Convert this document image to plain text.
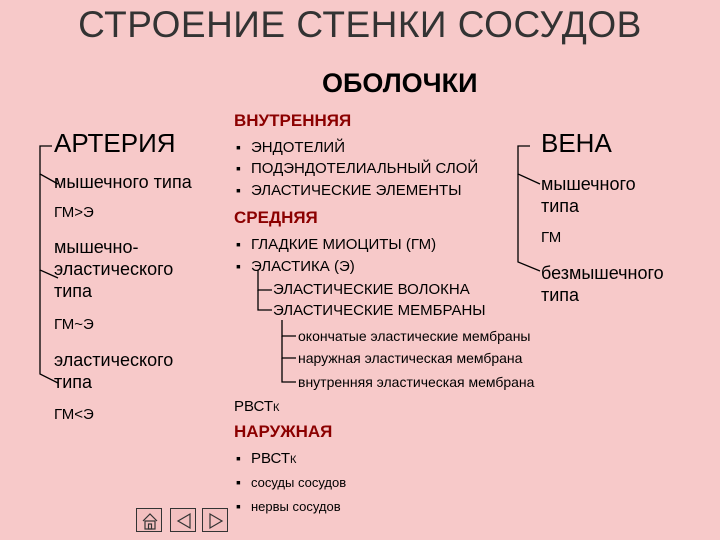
СТРОЕНИЕ СТЕНКИ СОСУДОВ
ОБОЛОЧКИ
АРТЕРИЯ
мышечного типа
ГМ>Э
мышечно-
эластического
типа
ГМ~Э
эластического
типа
ГМ<Э
ВНУТРЕННЯЯ
▪ ЭНДОТЕЛИЙ
▪ ПОДЭНДОТЕЛИАЛЬНЫЙ СЛОЙ
▪ ЭЛАСТИЧЕСКИЕ ЭЛЕМЕНТЫ
СРЕДНЯЯ
▪ ГЛАДКИЕ МИОЦИТЫ (ГМ)
▪ ЭЛАСТИКА (Э)
ЭЛАСТИЧЕСКИЕ ВОЛОКНА
ЭЛАСТИЧЕСКИЕ МЕМБРАНЫ
окончатые эластические мембраны
наружная эластическая мембрана
внутренняя эластическая мембрана
РВСТК
НАРУЖНАЯ
▪ РВСТК
▪ сосуды сосудов
▪ нервы сосудов
ВЕНА
мышечного
типа
ГМ
безмышечного
типа
